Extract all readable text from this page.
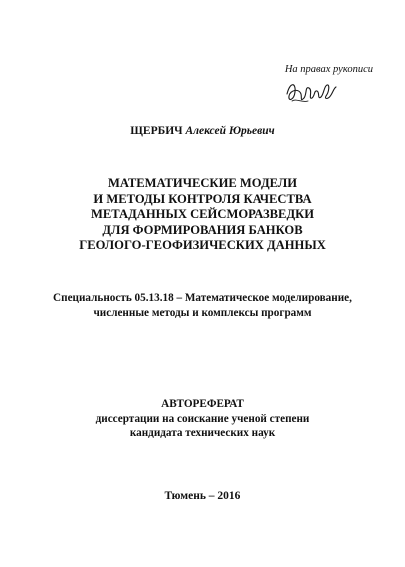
На правах рукописи
ЩЕРБИЧ Алексей Юрьевич
МАТЕМАТИЧЕСКИЕ МОДЕЛИ
И МЕТОДЫ КОНТРОЛЯ КАЧЕСТВА
МЕТАДАННЫХ СЕЙСМОРАЗВЕДКИ
ДЛЯ ФОРМИРОВАНИЯ БАНКОВ
ГЕОЛОГО-ГЕОФИЗИЧЕСКИХ ДАННЫХ
Специальность 05.13.18 – Математическое моделирование,
численные методы и комплексы программ
АВТОРЕФЕРАТ
диссертации на соискание ученой степени
кандидата технических наук
Тюмень – 2016
